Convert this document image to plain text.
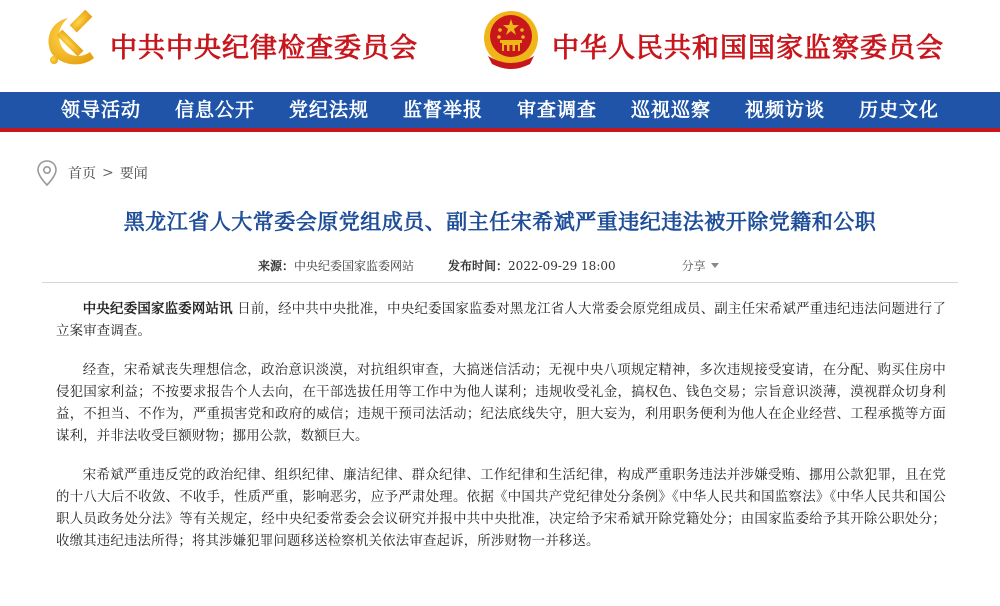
中共中央纪律检查委员会	中华人民共和国国家监察委员会
领导活动	信息公开	党纪法规	监督举报	审查调查	巡视巡察	视频访谈	历史文化
首页 > 要闻
黑龙江省人大常委会原党组成员、副主任宋希斌严重违纪违法被开除党籍和公职
来源： 中央纪委国家监委网站	发布时间： 2022-09-29 18:00	分享

中央纪委国家监委网站讯 日前，经中共中央批准，中央纪委国家监委对黑龙江省人大常委会原党组成员、副主任宋希斌严重违纪违法问题进行了立案审查调查。

经查，宋希斌丧失理想信念，政治意识淡漠，对抗组织审查，大搞迷信活动；无视中央八项规定精神，多次违规接受宴请，在分配、购买住房中侵犯国家利益；不按要求报告个人去向，在干部选拔任用等工作中为他人谋利；违规收受礼金，搞权色、钱色交易；宗旨意识淡薄，漠视群众切身利益，不担当、不作为，严重损害党和政府的威信；违规干预司法活动；纪法底线失守，胆大妄为，利用职务便利为他人在企业经营、工程承揽等方面谋利，并非法收受巨额财物；挪用公款，数额巨大。

宋希斌严重违反党的政治纪律、组织纪律、廉洁纪律、群众纪律、工作纪律和生活纪律，构成严重职务违法并涉嫌受贿、挪用公款犯罪，且在党的十八大后不收敛、不收手，性质严重，影响恶劣，应予严肃处理。依据《中国共产党纪律处分条例》《中华人民共和国监察法》《中华人民共和国公职人员政务处分法》等有关规定，经中央纪委常委会会议研究并报中共中央批准，决定给予宋希斌开除党籍处分；由国家监委给予其开除公职处分；收缴其违纪违法所得；将其涉嫌犯罪问题移送检察机关依法审查起诉，所涉财物一并移送。
